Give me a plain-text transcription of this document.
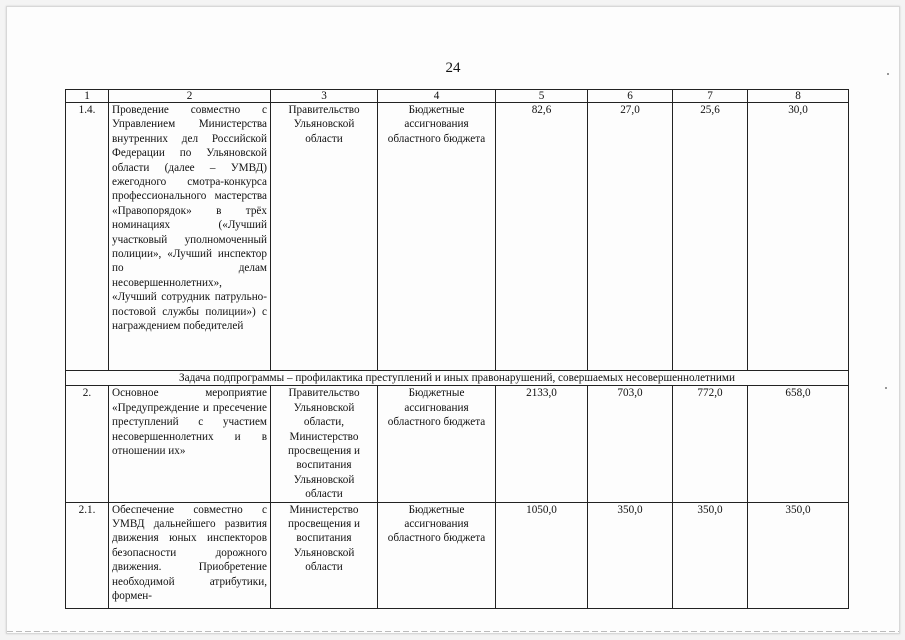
24
1	2	3	4	5	6	7	8
1.4.	Проведение совместно с Управлением Министерства внутренних дел Российской Федерации по Ульяновской области (далее – УМВД) ежегодного смотра-конкурса профессионального мастерства «Правопорядок» в трёх номинациях («Лучший участковый уполномоченный полиции», «Лучший инспектор по делам несовершеннолетних», «Лучший сотрудник патрульно-постовой службы полиции») с награждением победителей	Правительство Ульяновской области	Бюджетные ассигнования областного бюджета	82,6	27,0	25,6	30,0
Задача подпрограммы – профилактика преступлений и иных правонарушений, совершаемых несовершеннолетними							
2.	Основное мероприятие «Предупреждение и пресечение преступлений с участием несовершеннолетних и в отношении их»	Правительство Ульяновской области, Министерство просвещения и воспитания Ульяновской области	Бюджетные ассигнования областного бюджета	2133,0	703,0	772,0	658,0
2.1.	Обеспечение совместно с УМВД дальнейшего развития движения юных инспекторов безопасности дорожного движения. Приобретение необходимой атрибутики, формен-	Министерство просвещения и воспитания Ульяновской области	Бюджетные ассигнования областного бюджета	1050,0	350,0	350,0	350,0
